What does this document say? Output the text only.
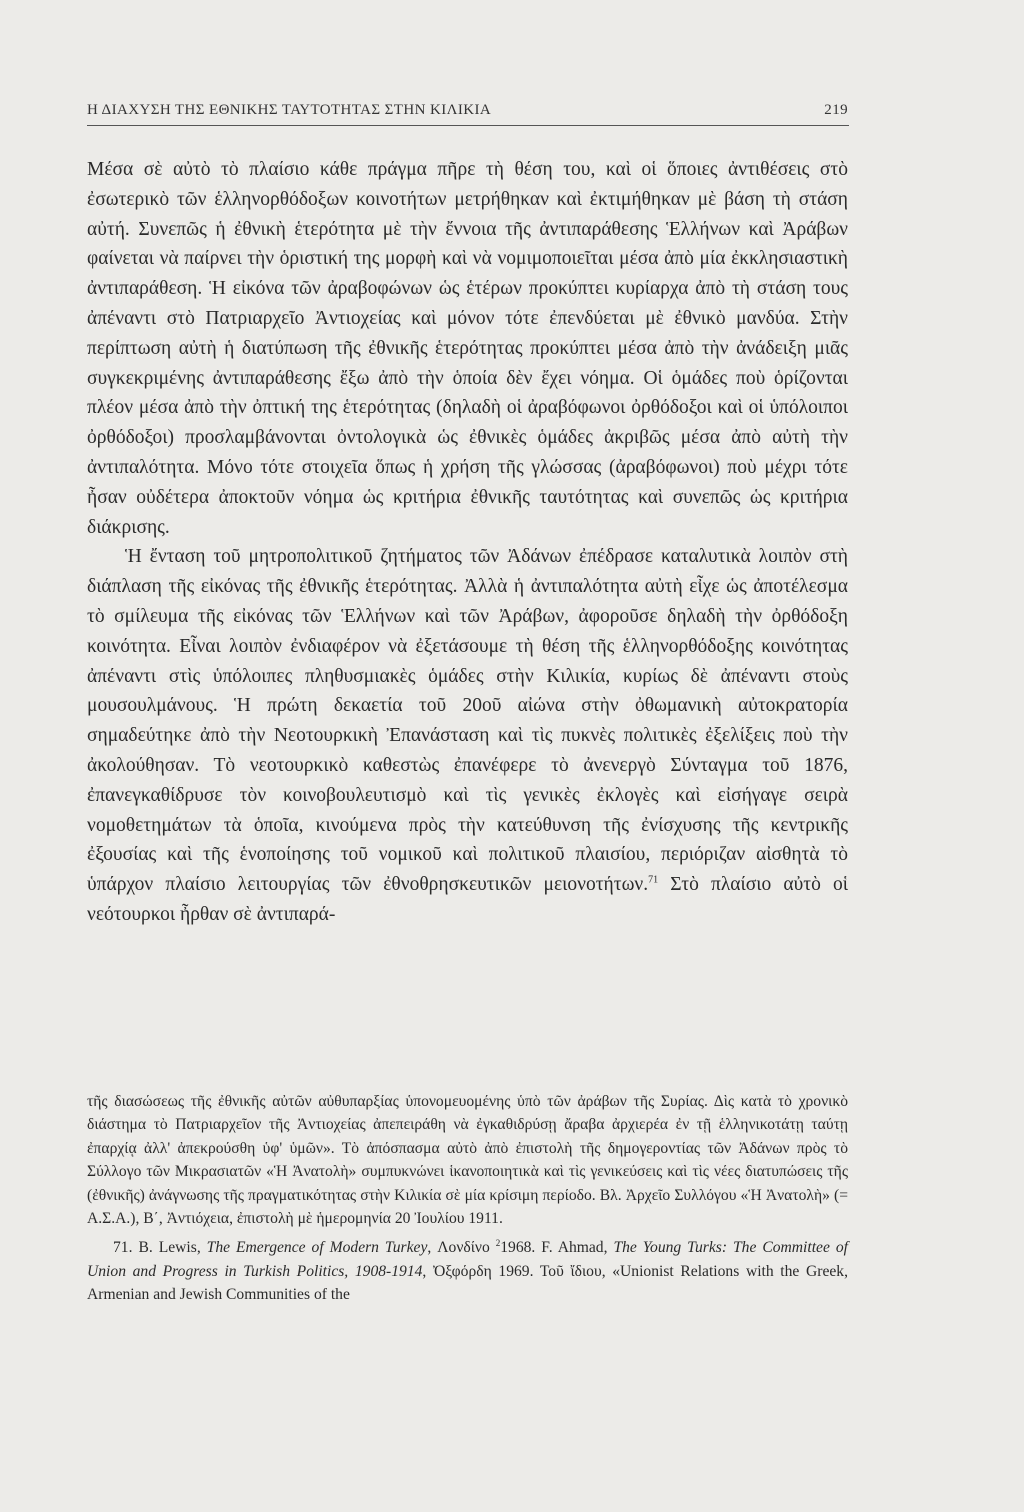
Η ΔΙΑΧΥΣΗ ΤΗΣ ΕΘΝΙΚΗΣ ΤΑΥΤΟΤΗΤΑΣ ΣΤΗΝ ΚΙΛΙΚΙΑ	219

Μέσα σὲ αὐτὸ τὸ πλαίσιο κάθε πράγμα πῆρε τὴ θέση του, καὶ οἱ ὅποιες ἀντιθέσεις στὸ ἐσωτερικὸ τῶν ἑλληνορθόδοξων κοινοτήτων μετρήθηκαν καὶ ἐκτιμήθηκαν μὲ βάση τὴ στάση αὐτή. Συνεπῶς ἡ ἐθνικὴ ἑτερότητα μὲ τὴν ἔννοια τῆς ἀντιπαράθεσης Ἑλλήνων καὶ Ἀράβων φαίνεται νὰ παίρνει τὴν ὁριστική της μορφὴ καὶ νὰ νομιμοποιεῖται μέσα ἀπὸ μία ἐκκλησιαστικὴ ἀντιπαράθεση. Ἡ εἰκόνα τῶν ἀραβοφώνων ὡς ἑτέρων προκύπτει κυρίαρχα ἀπὸ τὴ στάση τους ἀπέναντι στὸ Πατριαρχεῖο Ἀντιοχείας καὶ μόνον τότε ἐπενδύεται μὲ ἐθνικὸ μανδύα. Στὴν περίπτωση αὐτὴ ἡ διατύπωση τῆς ἐθνικῆς ἑτερότητας προκύπτει μέσα ἀπὸ τὴν ἀνάδειξη μιᾶς συγκεκριμένης ἀντιπαράθεσης ἔξω ἀπὸ τὴν ὁποία δὲν ἔχει νόημα. Οἱ ὁμάδες ποὺ ὁρίζονται πλέον μέσα ἀπὸ τὴν ὀπτική της ἑτερότητας (δηλαδὴ οἱ ἀραβόφωνοι ὀρθόδοξοι καὶ οἱ ὑπόλοιποι ὀρθόδοξοι) προσλαμβάνονται ὀντολογικὰ ὡς ἐθνικὲς ὁμάδες ἀκριβῶς μέσα ἀπὸ αὐτὴ τὴν ἀντιπαλότητα. Μόνο τότε στοιχεῖα ὅπως ἡ χρήση τῆς γλώσσας (ἀραβόφωνοι) ποὺ μέχρι τότε ἦσαν οὐδέτερα ἀποκτοῦν νόημα ὡς κριτήρια ἐθνικῆς ταυτότητας καὶ συνεπῶς ὡς κριτήρια διάκρισης.

Ἡ ἔνταση τοῦ μητροπολιτικοῦ ζητήματος τῶν Ἀδάνων ἐπέδρασε καταλυτικὰ λοιπὸν στὴ διάπλαση τῆς εἰκόνας τῆς ἐθνικῆς ἑτερότητας. Ἀλλὰ ἡ ἀντιπαλότητα αὐτὴ εἶχε ὡς ἀποτέλεσμα τὸ σμίλευμα τῆς εἰκόνας τῶν Ἑλλήνων καὶ τῶν Ἀράβων, ἀφοροῦσε δηλαδὴ τὴν ὀρθόδοξη κοινότητα. Εἶναι λοιπὸν ἐνδιαφέρον νὰ ἐξετάσουμε τὴ θέση τῆς ἑλληνορθόδοξης κοινότητας ἀπέναντι στὶς ὑπόλοιπες πληθυσμιακὲς ὁμάδες στὴν Κιλικία, κυρίως δὲ ἀπέναντι στοὺς μουσουλμάνους. Ἡ πρώτη δεκαετία τοῦ 20οῦ αἰώνα στὴν ὀθωμανικὴ αὐτοκρατορία σημαδεύτηκε ἀπὸ τὴν Νεοτουρκικὴ Ἐπανάσταση καὶ τὶς πυκνὲς πολιτικὲς ἐξελίξεις ποὺ τὴν ἀκολούθησαν. Τὸ νεοτουρκικὸ καθεστὼς ἐπανέφερε τὸ ἀνενεργὸ Σύνταγμα τοῦ 1876, ἐπανεγκαθίδρυσε τὸν κοινοβουλευτισμὸ καὶ τὶς γενικὲς ἐκλογὲς καὶ εἰσήγαγε σειρὰ νομοθετημάτων τὰ ὁποῖα, κινούμενα πρὸς τὴν κατεύθυνση τῆς ἐνίσχυσης τῆς κεντρικῆς ἐξουσίας καὶ τῆς ἑνοποίησης τοῦ νομικοῦ καὶ πολιτικοῦ πλαισίου, περιόριζαν αἰσθητὰ τὸ ὑπάρχον πλαίσιο λειτουργίας τῶν ἐθνοθρησκευτικῶν μειονοτήτων.$^{71}$ Στὸ πλαίσιο αὐτὸ οἱ νεότουρκοι ἦρθαν σὲ ἀντιπαρά-

τῆς διασώσεως τῆς ἐθνικῆς αὐτῶν αὐθυπαρξίας ὑπονομευομένης ὑπὸ τῶν ἀράβων τῆς Συρίας. Δὶς κατὰ τὸ χρονικὸ διάστημα τὸ Πατριαρχεῖον τῆς Ἀντιοχείας ἀπεπειράθη νὰ ἐγκαθιδρύσῃ ἄραβα ἀρχιερέα ἐν τῇ ἑλληνικοτάτῃ ταύτῃ ἐπαρχίᾳ ἀλλ' ἀπεκρούσθη ὑφ' ὑμῶν». Τὸ ἀπόσπασμα αὐτὸ ἀπὸ ἐπιστολὴ τῆς δημογεροντίας τῶν Ἀδάνων πρὸς τὸ Σύλλογο τῶν Μικρασιατῶν «Ἡ Ἀνατολὴ» συμπυκνώνει ἱκανοποιητικὰ καὶ τὶς γενικεύσεις καὶ τὶς νέες διατυπώσεις τῆς (ἐθνικῆς) ἀνάγνωσης τῆς πραγματικότητας στὴν Κιλικία σὲ μία κρίσιμη περίοδο. Βλ. Ἀρχεῖο Συλλόγου «Ἡ Ἀνατολὴ» (= Α.Σ.Α.), Β΄, Ἀντιόχεια, ἐπιστολὴ μὲ ἡμερομηνία 20 Ἰουλίου 1911.

71. B. Lewis, The Emergence of Modern Turkey, Λονδίνο $^2$1968. F. Ahmad, The Young Turks: The Committee of Union and Progress in Turkish Politics, 1908-1914, Ὀξφόρδη 1969. Τοῦ ἴδιου, «Unionist Relations with the Greek, Armenian and Jewish Communities of the
